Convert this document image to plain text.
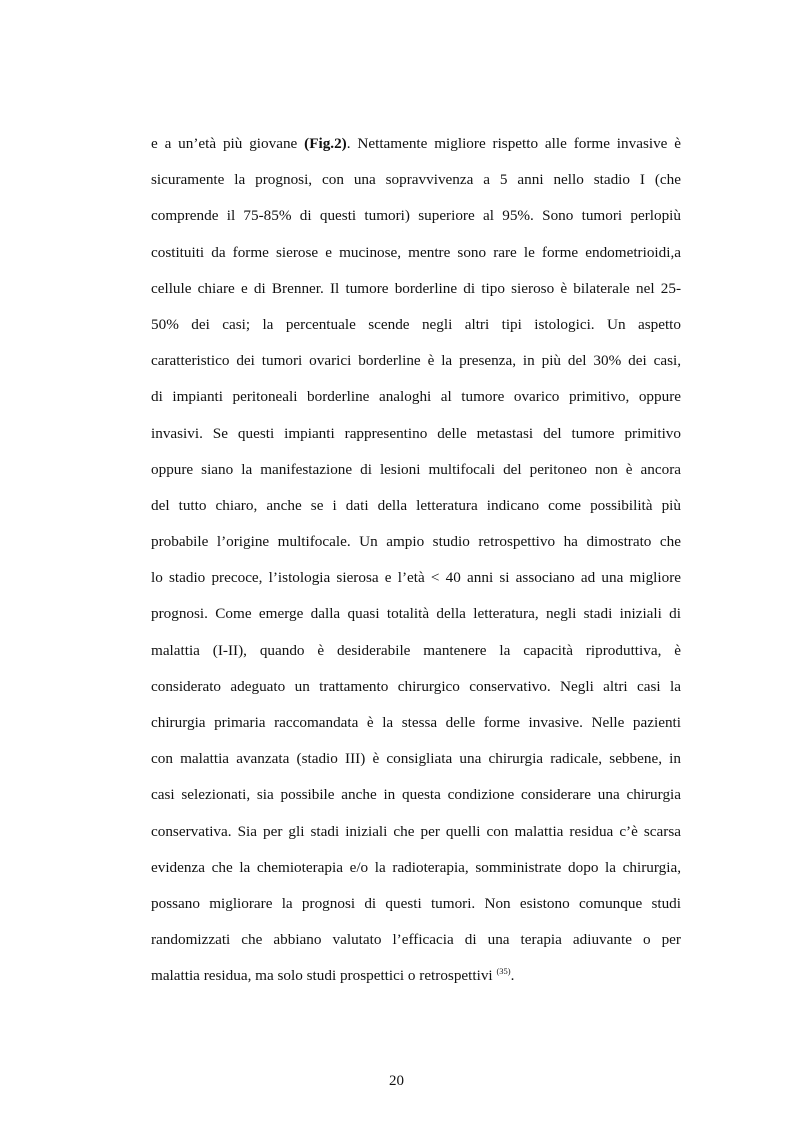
e a un’età più giovane (Fig.2). Nettamente migliore rispetto alle forme invasive è
sicuramente la prognosi, con una sopravvivenza a 5 anni nello stadio I (che
comprende il 75-85% di questi tumori) superiore al 95%. Sono tumori perlopiù
costituiti da forme sierose e mucinose, mentre sono rare le forme endometrioidi,a
cellule chiare e di Brenner. Il tumore borderline di tipo sieroso è bilaterale nel 25-
50% dei casi; la percentuale scende negli altri tipi istologici. Un aspetto
caratteristico dei tumori ovarici borderline è la presenza, in più del 30% dei casi,
di impianti peritoneali borderline analoghi al tumore ovarico primitivo, oppure
invasivi. Se questi impianti rappresentino delle metastasi del tumore primitivo
oppure siano la manifestazione di lesioni multifocali del peritoneo non è ancora
del tutto chiaro, anche se i dati della letteratura indicano come possibilità più
probabile l’origine multifocale. Un ampio studio retrospettivo ha dimostrato che
lo stadio precoce, l’istologia sierosa e l’età < 40 anni si associano ad una migliore
prognosi. Come emerge dalla quasi totalità della letteratura, negli stadi iniziali di
malattia (I-II), quando è desiderabile mantenere la capacità riproduttiva, è
considerato adeguato un trattamento chirurgico conservativo. Negli altri casi la
chirurgia primaria raccomandata è la stessa delle forme invasive. Nelle pazienti
con malattia avanzata (stadio III) è consigliata una chirurgia radicale, sebbene, in
casi selezionati, sia possibile anche in questa condizione considerare una chirurgia
conservativa. Sia per gli stadi iniziali che per quelli con malattia residua c’è scarsa
evidenza che la chemioterapia e/o la radioterapia, somministrate dopo la chirurgia,
possano migliorare la prognosi di questi tumori. Non esistono comunque studi
randomizzati che abbiano valutato l’efficacia di una terapia adiuvante o per
malattia residua, ma solo studi prospettici o retrospettivi $^{(35)}$.
20
